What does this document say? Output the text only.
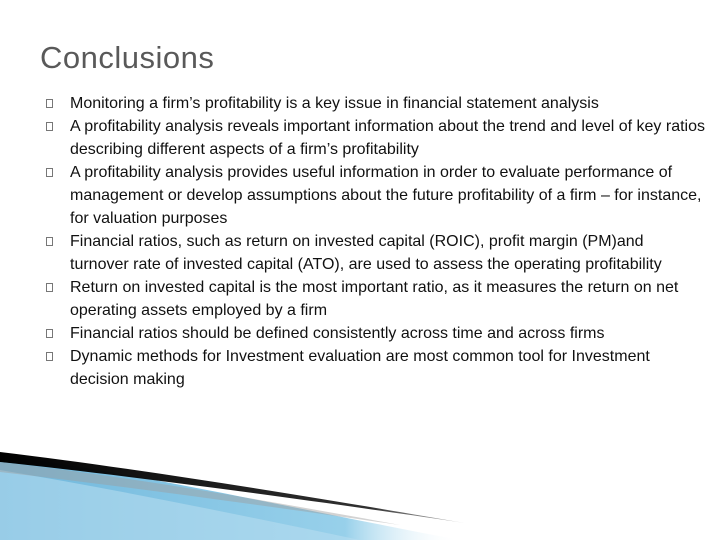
Conclusions
Monitoring a firm’s profitability is a key issue in financial statement analysis
A profitability analysis reveals important information about the trend and level of key ratios describing different aspects of a firm’s profitability
A profitability analysis provides useful information in order to evaluate performance of management or develop assumptions about the future profitability of a firm – for instance, for valuation purposes
Financial ratios, such as return on invested capital (ROIC), profit margin (PM)and turnover rate of invested capital (ATO), are used to assess the operating profitability
Return on invested capital is the most important ratio, as it measures the return on net operating assets employed by a firm
Financial ratios should be defined consistently across time and across firms
Dynamic methods for Investment evaluation are most common tool for Investment decision making
